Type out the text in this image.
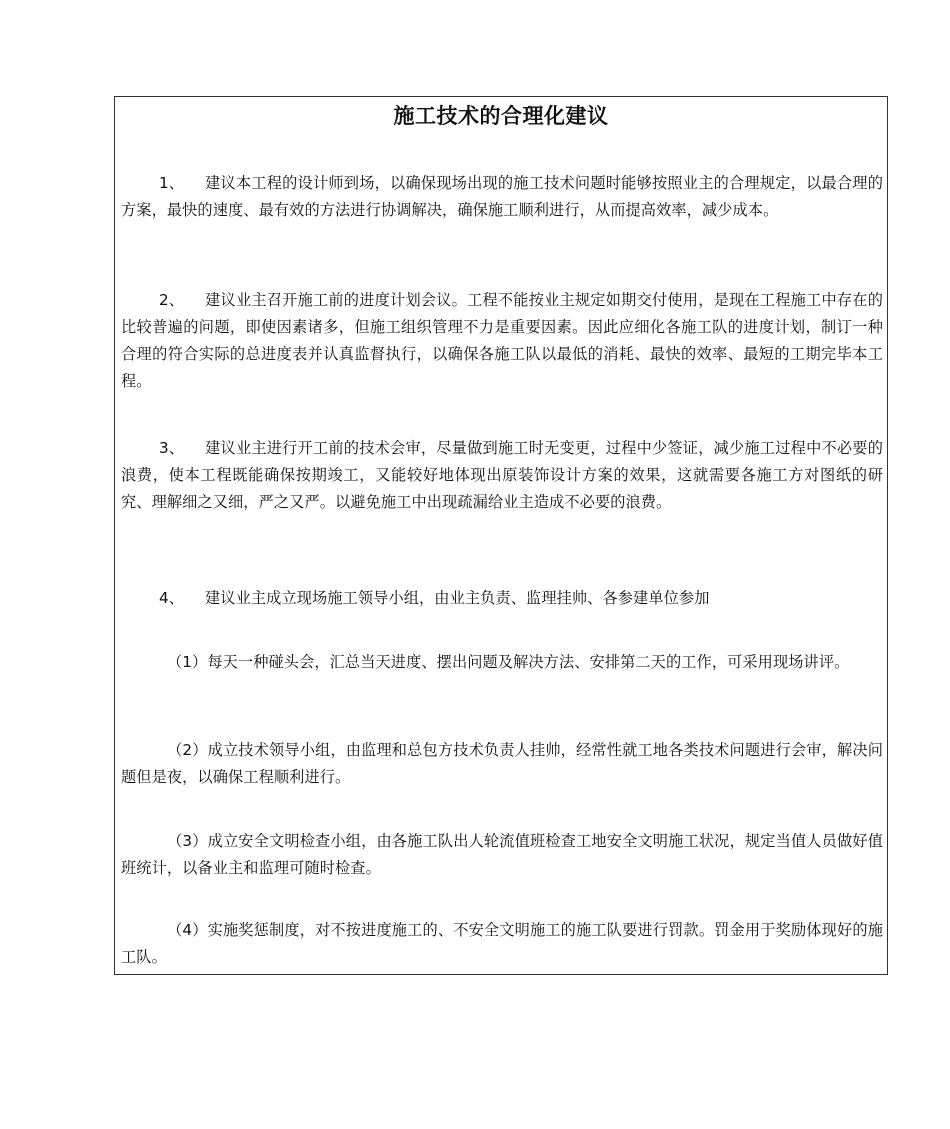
施工技术的合理化建议

1、 建议本工程的设计师到场，以确保现场出现的施工技术问题时能够按照业主的合理规定，以最合理的方案，最快的速度、最有效的方法进行协调解决，确保施工顺利进行，从而提高效率，减少成本。

2、 建议业主召开施工前的进度计划会议。工程不能按业主规定如期交付使用，是现在工程施工中存在的比较普遍的问题，即使因素诸多，但施工组织管理不力是重要因素。因此应细化各施工队的进度计划，制订一种合理的符合实际的总进度表并认真监督执行，以确保各施工队以最低的消耗、最快的效率、最短的工期完毕本工程。

3、 建议业主进行开工前的技术会审，尽量做到施工时无变更，过程中少签证，减少施工过程中不必要的浪费，使本工程既能确保按期竣工，又能较好地体现出原装饰设计方案的效果，这就需要各施工方对图纸的研究、理解细之又细，严之又严。以避免施工中出现疏漏给业主造成不必要的浪费。

4、 建议业主成立现场施工领导小组，由业主负责、监理挂帅、各参建单位参加

（1）每天一种碰头会，汇总当天进度、摆出问题及解决方法、安排第二天的工作，可采用现场讲评。

（2）成立技术领导小组，由监理和总包方技术负责人挂帅，经常性就工地各类技术问题进行会审，解决问题但是夜，以确保工程顺利进行。

（3）成立安全文明检查小组，由各施工队出人轮流值班检查工地安全文明施工状况，规定当值人员做好值班统计，以备业主和监理可随时检查。

（4）实施奖惩制度，对不按进度施工的、不安全文明施工的施工队要进行罚款。罚金用于奖励体现好的施工队。
